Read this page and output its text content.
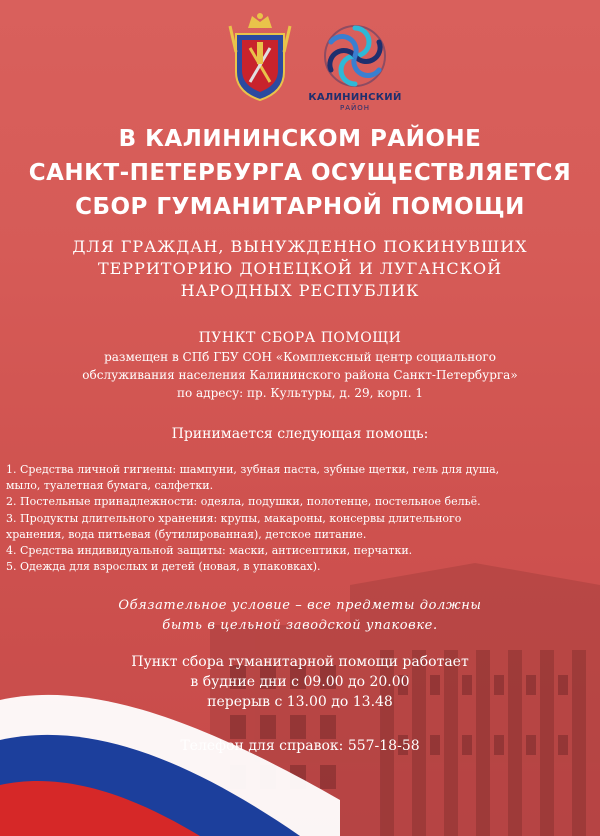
КАЛИНИНСКИЙ
РАЙОН
В КАЛИНИНСКОМ РАЙОНЕ
САНКТ-ПЕТЕРБУРГА ОСУЩЕСТВЛЯЕТСЯ
СБОР ГУМАНИТАРНОЙ ПОМОЩИ
ДЛЯ ГРАЖДАН, ВЫНУЖДЕННО ПОКИНУВШИХ
ТЕРРИТОРИЮ ДОНЕЦКОЙ И ЛУГАНСКОЙ
НАРОДНЫХ РЕСПУБЛИК
ПУНКТ СБОРА ПОМОЩИ
размещен в СПб ГБУ СОН «Комплексный центр социального
обслуживания населения Калининского района Санкт-Петербурга»
по адресу: пр. Культуры, д. 29, корп. 1
Принимается следующая помощь:
1. Средства личной гигиены: шампуни, зубная паста, зубные щетки, гель для душа,
мыло, туалетная бумага, салфетки.
2. Постельные принадлежности: одеяла, подушки, полотенце, постельное бельё.
3. Продукты длительного хранения: крупы, макароны, консервы длительного
хранения, вода питьевая (бутилированная), детское питание.
4. Средства индивидуальной защиты: маски, антисептики, перчатки.
5. Одежда для взрослых и детей (новая, в упаковках).
Обязательное условие – все предметы должны
быть в цельной заводской упаковке.
Пункт сбора гуманитарной помощи работает
в будние дни с 09.00 до 20.00
перерыв с 13.00 до 13.48
Телефон для справок: 557-18-58
